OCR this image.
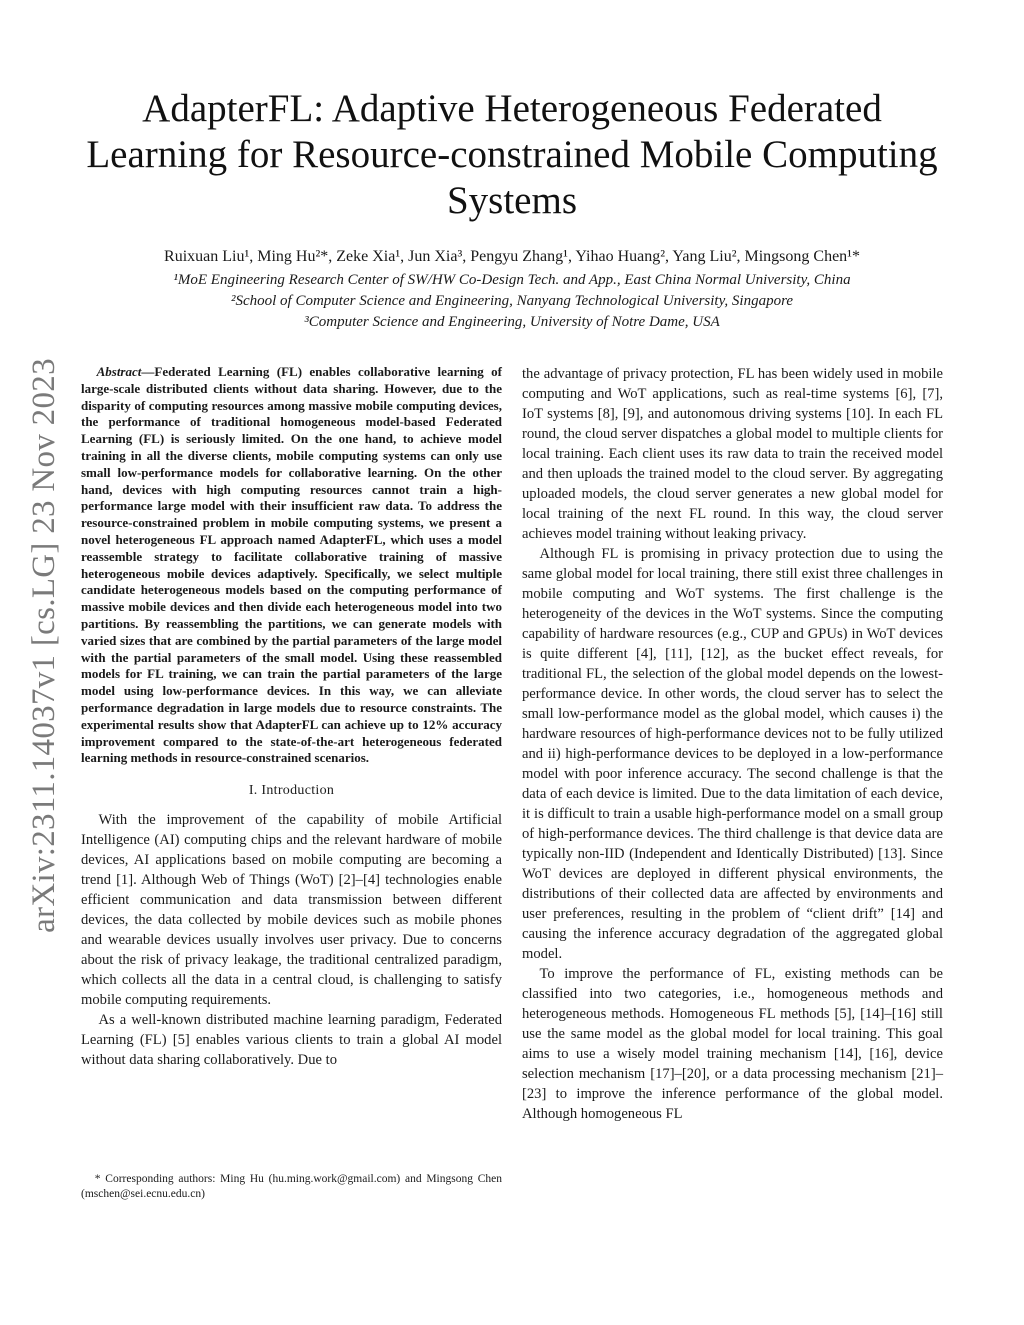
arXiv:2311.14037v1 [cs.LG] 23 Nov 2023
AdapterFL: Adaptive Heterogeneous Federated Learning for Resource-constrained Mobile Computing Systems
Ruixuan Liu¹, Ming Hu²*, Zeke Xia¹, Jun Xia³, Pengyu Zhang¹, Yihao Huang², Yang Liu², Mingsong Chen¹*
¹MoE Engineering Research Center of SW/HW Co-Design Tech. and App., East China Normal University, China
²School of Computer Science and Engineering, Nanyang Technological University, Singapore
³Computer Science and Engineering, University of Notre Dame, USA

Abstract—Federated Learning (FL) enables collaborative learning of large-scale distributed clients without data sharing. However, due to the disparity of computing resources among massive mobile computing devices, the performance of traditional homogeneous model-based Federated Learning (FL) is seriously limited. On the one hand, to achieve model training in all the diverse clients, mobile computing systems can only use small low-performance models for collaborative learning. On the other hand, devices with high computing resources cannot train a high-performance large model with their insufficient raw data. To address the resource-constrained problem in mobile computing systems, we present a novel heterogeneous FL approach named AdapterFL, which uses a model reassemble strategy to facilitate collaborative training of massive heterogeneous mobile devices adaptively. Specifically, we select multiple candidate heterogeneous models based on the computing performance of massive mobile devices and then divide each heterogeneous model into two partitions. By reassembling the partitions, we can generate models with varied sizes that are combined by the partial parameters of the large model with the partial parameters of the small model. Using these reassembled models for FL training, we can train the partial parameters of the large model using low-performance devices. In this way, we can alleviate performance degradation in large models due to resource constraints. The experimental results show that AdapterFL can achieve up to 12% accuracy improvement compared to the state-of-the-art heterogeneous federated learning methods in resource-constrained scenarios.

I. Introduction

With the improvement of the capability of mobile Artificial Intelligence (AI) computing chips and the relevant hardware of mobile devices, AI applications based on mobile computing are becoming a trend [1]. Although Web of Things (WoT) [2]–[4] technologies enable efficient communication and data transmission between different devices, the data collected by mobile devices such as mobile phones and wearable devices usually involves user privacy. Due to concerns about the risk of privacy leakage, the traditional centralized paradigm, which collects all the data in a central cloud, is challenging to satisfy mobile computing requirements.

As a well-known distributed machine learning paradigm, Federated Learning (FL) [5] enables various clients to train a global AI model without data sharing collaboratively. Due to

* Corresponding authors: Ming Hu (hu.ming.work@gmail.com) and Mingsong Chen (mschen@sei.ecnu.edu.cn)

the advantage of privacy protection, FL has been widely used in mobile computing and WoT applications, such as real-time systems [6], [7], IoT systems [8], [9], and autonomous driving systems [10]. In each FL round, the cloud server dispatches a global model to multiple clients for local training. Each client uses its raw data to train the received model and then uploads the trained model to the cloud server. By aggregating uploaded models, the cloud server generates a new global model for local training of the next FL round. In this way, the cloud server achieves model training without leaking privacy.

Although FL is promising in privacy protection due to using the same global model for local training, there still exist three challenges in mobile computing and WoT systems. The first challenge is the heterogeneity of the devices in the WoT systems. Since the computing capability of hardware resources (e.g., CUP and GPUs) in WoT devices is quite different [4], [11], [12], as the bucket effect reveals, for traditional FL, the selection of the global model depends on the lowest-performance device. In other words, the cloud server has to select the small low-performance model as the global model, which causes i) the hardware resources of high-performance devices not to be fully utilized and ii) high-performance devices to be deployed in a low-performance model with poor inference accuracy. The second challenge is that the data of each device is limited. Due to the data limitation of each device, it is difficult to train a usable high-performance model on a small group of high-performance devices. The third challenge is that device data are typically non-IID (Independent and Identically Distributed) [13]. Since WoT devices are deployed in different physical environments, the distributions of their collected data are affected by environments and user preferences, resulting in the problem of “client drift” [14] and causing the inference accuracy degradation of the aggregated global model.

To improve the performance of FL, existing methods can be classified into two categories, i.e., homogeneous methods and heterogeneous methods. Homogeneous FL methods [5], [14]–[16] still use the same model as the global model for local training. This goal aims to use a wisely model training mechanism [14], [16], device selection mechanism [17]–[20], or a data processing mechanism [21]–[23] to improve the inference performance of the global model. Although homogeneous FL
